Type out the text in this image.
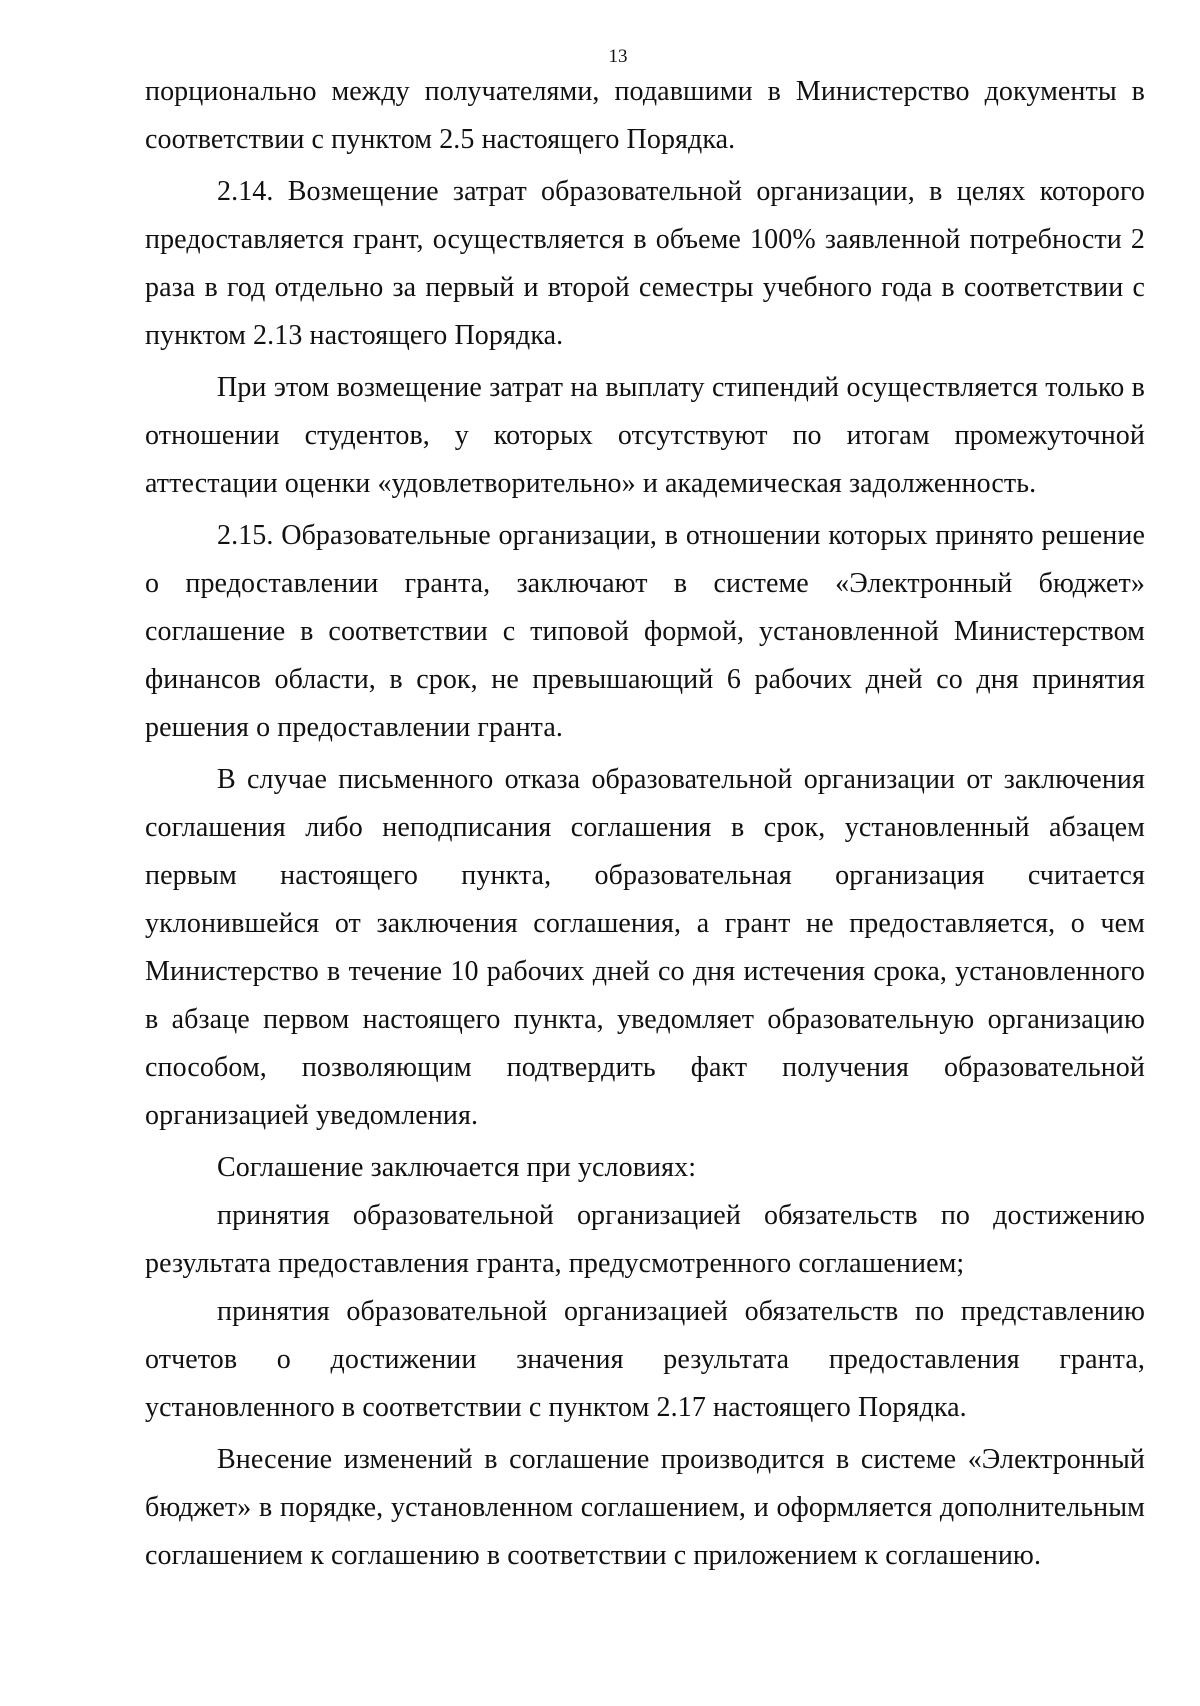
13

порционально между получателями, подавшими в Министерство документы в соответствии с пунктом 2.5 настоящего Порядка.

2.14. Возмещение затрат образовательной организации, в целях которого предоставляется грант, осуществляется в объеме 100% заявленной потребности 2 раза в год отдельно за первый и второй семестры учебного года в соответствии с пунктом 2.13 настоящего Порядка.

При этом возмещение затрат на выплату стипендий осуществляется только в отношении студентов, у которых отсутствуют по итогам промежуточной аттестации оценки «удовлетворительно» и академическая задолженность.

2.15. Образовательные организации, в отношении которых принято решение о предоставлении гранта, заключают в системе «Электронный бюджет» соглашение в соответствии с типовой формой, установленной Министерством финансов области, в срок, не превышающий 6 рабочих дней со дня принятия решения о предоставлении гранта.

В случае письменного отказа образовательной организации от заключения соглашения либо неподписания соглашения в срок, установленный абзацем первым настоящего пункта, образовательная организация считается уклонившейся от заключения соглашения, а грант не предоставляется, о чем Министерство в течение 10 рабочих дней со дня истечения срока, установленного в абзаце первом настоящего пункта, уведомляет образовательную организацию способом, позволяющим подтвердить факт получения образовательной организацией уведомления.

Соглашение заключается при условиях:

принятия образовательной организацией обязательств по достижению результата предоставления гранта, предусмотренного соглашением;

принятия образовательной организацией обязательств по представлению отчетов о достижении значения результата предоставления гранта, установленного в соответствии с пунктом 2.17 настоящего Порядка.

Внесение изменений в соглашение производится в системе «Электронный бюджет» в порядке, установленном соглашением, и оформляется дополнительным соглашением к соглашению в соответствии с приложением к соглашению.
